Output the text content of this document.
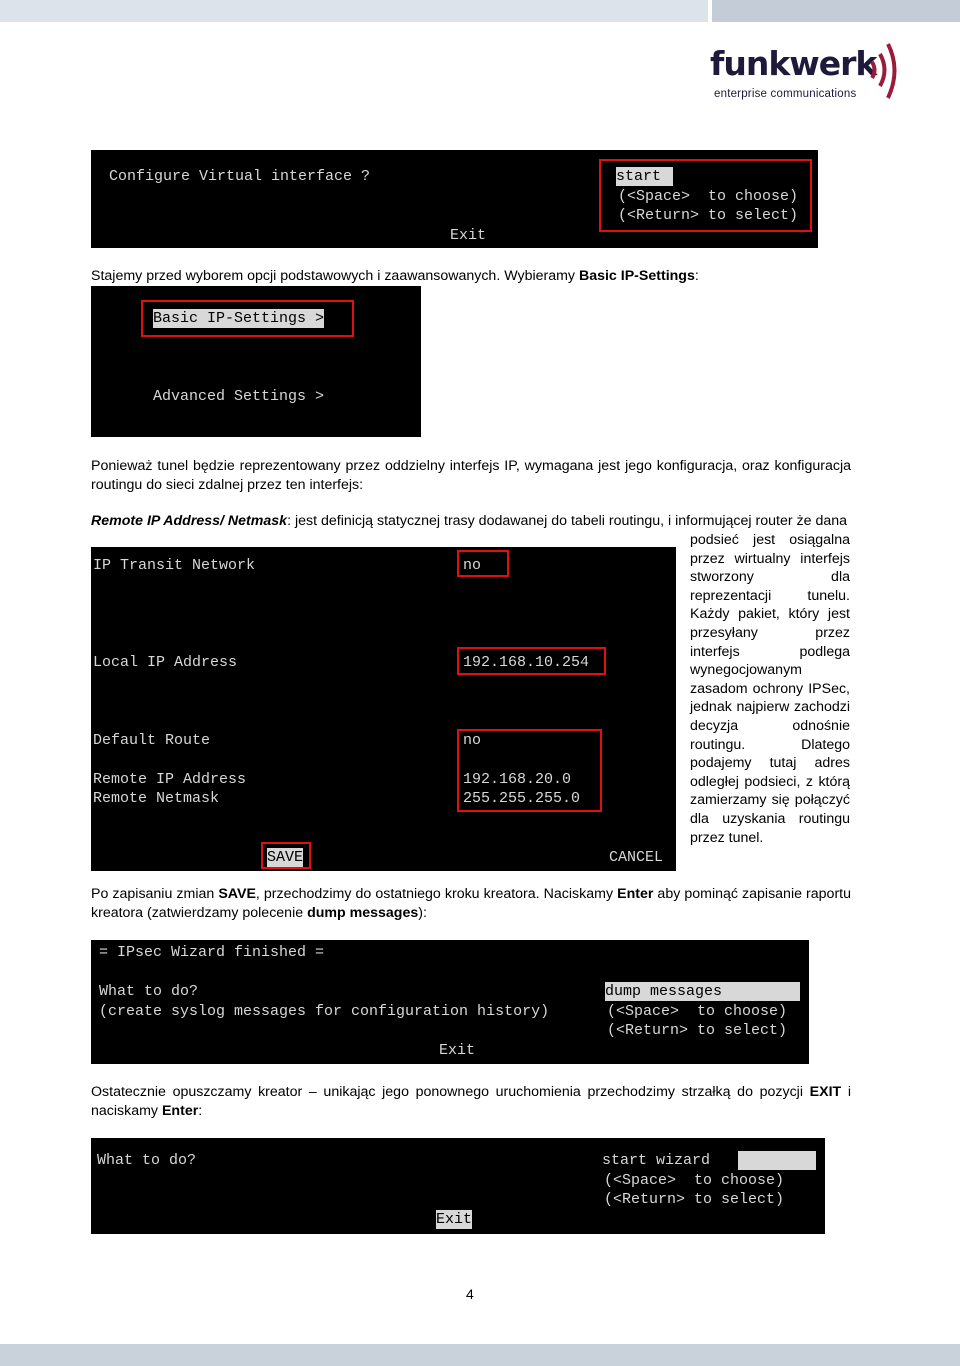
funkwerk
enterprise communications

Configure Virtual interface ?

	start

(<Space>  to choose)

(<Return> to select)

Exit

Stajemy przed wyborem opcji podstawowych i zaawansowanych. Wybieramy Basic IP-Settings:

Basic IP-Settings >

Advanced Settings >

Ponieważ tunel będzie reprezentowany przez oddzielny interfejs IP, wymagana jest jego konfiguracja, oraz konfiguracja routingu do sieci zdalnej przez ten interfejs:
Remote IP Address/ Netmask: jest definicją statycznej trasy dodawanej do tabeli routingu, i informującej router że dana
podsieć jest osiągalna przez wirtualny interfejs stworzony dla reprezentacji tunelu. Każdy pakiet, który jest przesyłany przez interfejs podlega wynegocjowanym zasadom ochrony IPSec, jednak najpierw zachodzi decyzja odnośnie routingu. Dlatego podajemy tutaj adres odległej podsieci, z którą zamierzamy się połączyć dla uzyskania routingu przez tunel.

IP Transit Network

	no

Local IP Address

	192.168.10.254

Default Route

	no

Remote IP Address

	192.168.20.0

Remote Netmask

	255.255.255.0

SAVE

	CANCEL

Po zapisaniu zmian SAVE, przechodzimy do ostatniego kroku kreatora. Naciskamy Enter aby pominąć zapisanie raportu kreatora (zatwierdzamy polecenie dump messages):

= IPsec Wizard finished =

What to do?

(create syslog messages for configuration history)

dump messages

(<Space>  to choose)

(<Return> to select)

Exit

Ostatecznie opuszczamy kreator – unikając jego ponownego uruchomienia przechodzimy strzałką do pozycji EXIT i naciskamy Enter:

What to do?

	start wizard

(<Space>  to choose)

(<Return> to select)

Exit

4
